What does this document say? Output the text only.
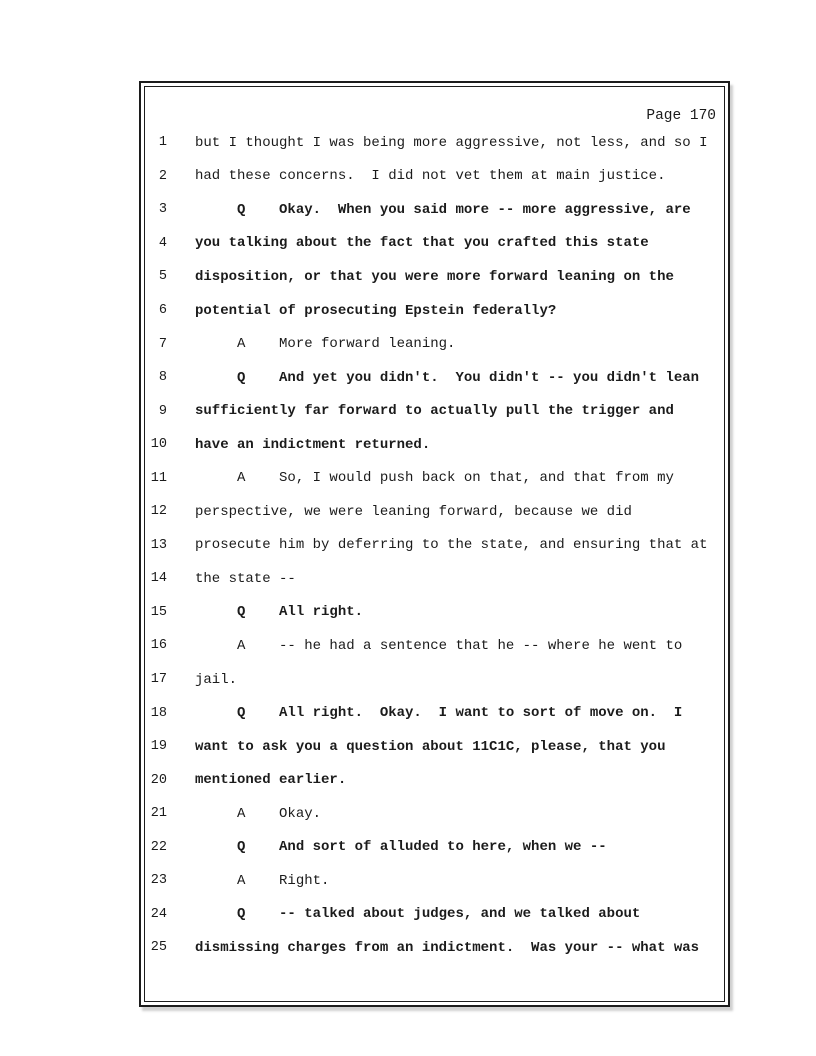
Page 170
1 but I thought I was being more aggressive, not less, and so I
2 had these concerns.  I did not vet them at main justice.
3 Q    Okay.  When you said more -- more aggressive, are
4 you talking about the fact that you crafted this state
5 disposition, or that you were more forward leaning on the
6 potential of prosecuting Epstein federally?
7 A    More forward leaning.
8 Q    And yet you didn't.  You didn't -- you didn't lean
9 sufficiently far forward to actually pull the trigger and
10 have an indictment returned.
11 A    So, I would push back on that, and that from my
12 perspective, we were leaning forward, because we did
13 prosecute him by deferring to the state, and ensuring that at
14 the state --
15 Q    All right.
16 A    -- he had a sentence that he -- where he went to
17 jail.
18 Q    All right.  Okay.  I want to sort of move on.  I
19 want to ask you a question about 11C1C, please, that you
20 mentioned earlier.
21 A    Okay.
22 Q    And sort of alluded to here, when we --
23 A    Right.
24 Q    -- talked about judges, and we talked about
25 dismissing charges from an indictment.  Was your -- what was
